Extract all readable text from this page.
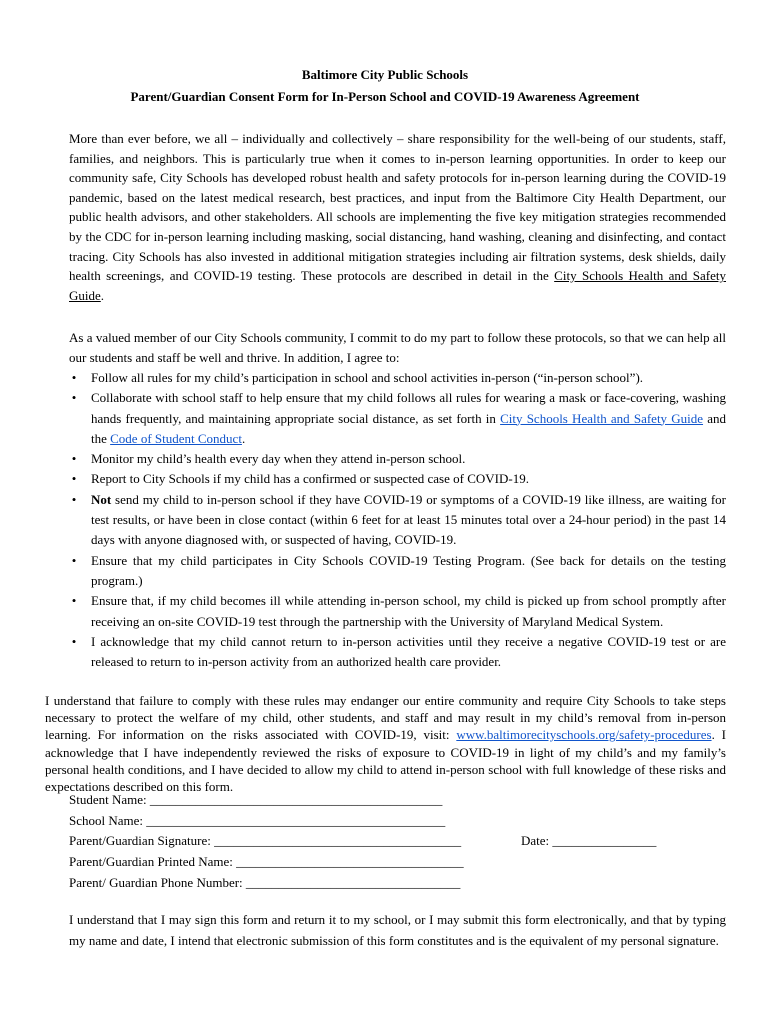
Baltimore City Public Schools
Parent/Guardian Consent Form for In-Person School and COVID-19 Awareness Agreement
More than ever before, we all – individually and collectively – share responsibility for the well-being of our students, staff, families, and neighbors. This is particularly true when it comes to in-person learning opportunities. In order to keep our community safe, City Schools has developed robust health and safety protocols for in-person learning during the COVID-19 pandemic, based on the latest medical research, best practices, and input from the Baltimore City Health Department, our public health advisors, and other stakeholders. All schools are implementing the five key mitigation strategies recommended by the CDC for in-person learning including masking, social distancing, hand washing, cleaning and disinfecting, and contact tracing. City Schools has also invested in additional mitigation strategies including air filtration systems, desk shields, daily health screenings, and COVID-19 testing. These protocols are described in detail in the City Schools Health and Safety Guide.
As a valued member of our City Schools community, I commit to do my part to follow these protocols, so that we can help all our students and staff be well and thrive. In addition, I agree to:
• Follow all rules for my child’s participation in school and school activities in-person (“in-person school”).
• Collaborate with school staff to help ensure that my child follows all rules for wearing a mask or face-covering, washing hands frequently, and maintaining appropriate social distance, as set forth in City Schools Health and Safety Guide and the Code of Student Conduct.
• Monitor my child’s health every day when they attend in-person school.
• Report to City Schools if my child has a confirmed or suspected case of COVID-19.
• Not send my child to in-person school if they have COVID-19 or symptoms of a COVID-19 like illness, are waiting for test results, or have been in close contact (within 6 feet for at least 15 minutes total over a 24-hour period) in the past 14 days with anyone diagnosed with, or suspected of having, COVID-19.
• Ensure that my child participates in City Schools COVID-19 Testing Program. (See back for details on the testing program.)
• Ensure that, if my child becomes ill while attending in-person school, my child is picked up from school promptly after receiving an on-site COVID-19 test through the partnership with the University of Maryland Medical System.
• I acknowledge that my child cannot return to in-person activities until they receive a negative COVID-19 test or are released to return to in-person activity from an authorized health care provider.
I understand that failure to comply with these rules may endanger our entire community and require City Schools to take steps necessary to protect the welfare of my child, other students, and staff and may result in my child’s removal from in-person learning. For information on the risks associated with COVID-19, visit: www.baltimorecityschools.org/safety-procedures. I acknowledge that I have independently reviewed the risks of exposure to COVID-19 in light of my child’s and my family’s personal health conditions, and I have decided to allow my child to attend in-person school with full knowledge of these risks and expectations described on this form.
Student Name: _____________________________________________
School Name: ______________________________________________
Parent/Guardian Signature: ______________________________________	Date: ________________
Parent/Guardian Printed Name: ___________________________________
Parent/ Guardian Phone Number: _________________________________
I understand that I may sign this form and return it to my school, or I may submit this form electronically, and that by typing my name and date, I intend that electronic submission of this form constitutes and is the equivalent of my personal signature.
